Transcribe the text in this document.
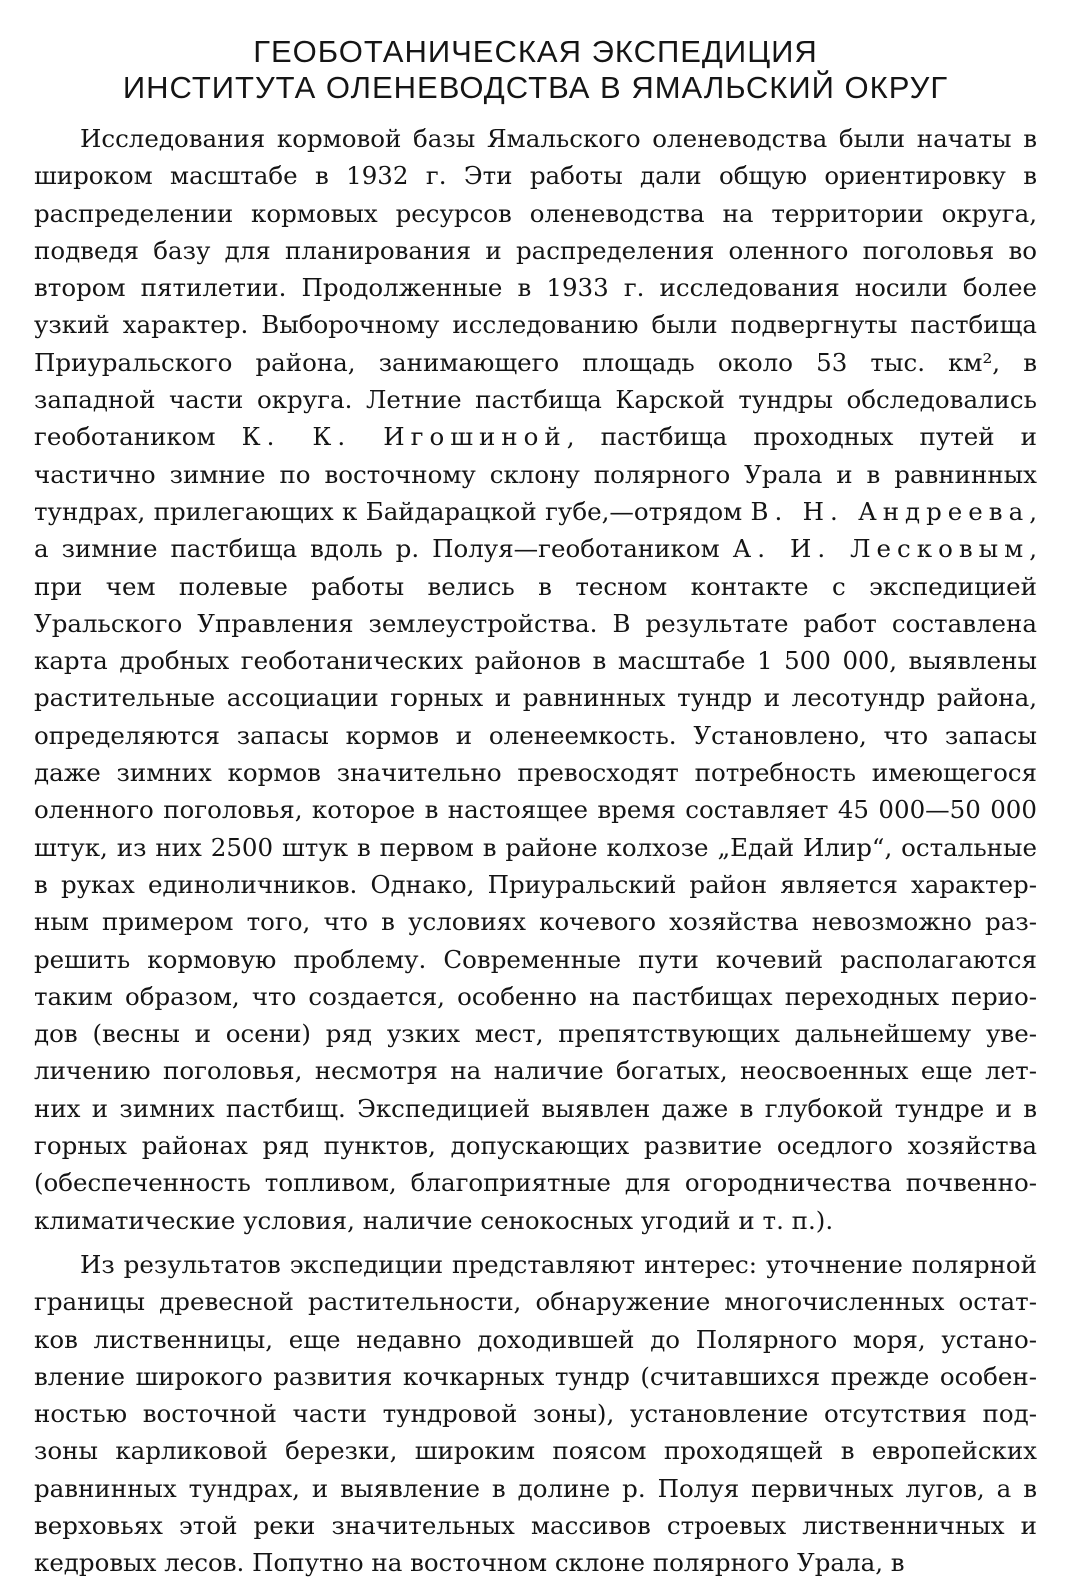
ГЕОБОТАНИЧЕСКАЯ ЭКСПЕДИЦИЯ
ИНСТИТУТА ОЛЕНЕВОДСТВА В ЯМАЛЬСКИЙ ОКРУГ

Исследования кормовой базы Ямальского оленеводства были начаты в широком масштабе в 1932 г. Эти работы дали общую ориентировку в распределении кормовых ресурсов оленеводства на территории округа, подведя базу для планирования и распределения оленного поголовья во втором пятилетии. Продолженные в 1933 г. исследования носили более узкий характер. Выборочному исследованию были подвергнуты пастбища Приуральского района, занимающего площадь около 53 тыс. км², в западной части округа. Летние пастбища Карской тундры обследовались геоботаником К. К. Игошиной, пастбища проходных путей и частично зимние по восточному склону полярного Урала и в равнинных тундрах, прилегающих к Байдарацкой губе,—отрядом В. Н. Андреева, а зимние пастбища вдоль р. Полуя—геоботаником А. И. Лесковым, при чем полевые работы велись в тесном контакте с экспедицией Уральского Управления землеустройства. В результате работ составлена карта дробных геоботанических районов в масштабе 1 500 000, выявлены растительные ассоциации горных и равнинных тундр и лесотундр района, определяются запасы кормов и оленеемкость. Установлено, что запасы даже зимних кормов значительно превосходят потребность имеющегося оленного поголовья, которое в настоящее время составляет 45 000—50 000 штук, из них 2500 штук в первом в районе колхозе „Едай Илир“, остальные в руках единоличников. Однако, Приуральский район является характерным примером того, что в условиях кочевого хозяйства невозможно разрешить кормовую проблему. Современные пути кочевий располагаются таким образом, что создается, особенно на пастбищах переходных периодов (весны и осени) ряд узких мест, препятствующих дальнейшему увеличению поголовья, несмотря на наличие богатых, неосвоенных еще летних и зимних пастбищ. Экспедицией выявлен даже в глубокой тундре и в горных районах ряд пунктов, допускающих развитие оседлого хозяйства (обеспеченность топливом, благоприятные для огородничества почвенно-климатические условия, наличие сенокосных угодий и т. п.).

Из результатов экспедиции представляют интерес: уточнение полярной границы древесной растительности, обнаружение многочисленных остатков лиственницы, еще недавно доходившей до Полярного моря, установление широкого развития кочкарных тундр (считавшихся прежде особенностью восточной части тундровой зоны), установление отсутствия подзоны карликовой березки, широким поясом проходящей в европейских равнинных тундрах, и выявление в долине р. Полуя первичных лугов, а в верховьях этой реки значительных массивов строевых лиственничных и кедровых лесов. Попутно на восточном склоне полярного Урала, в
